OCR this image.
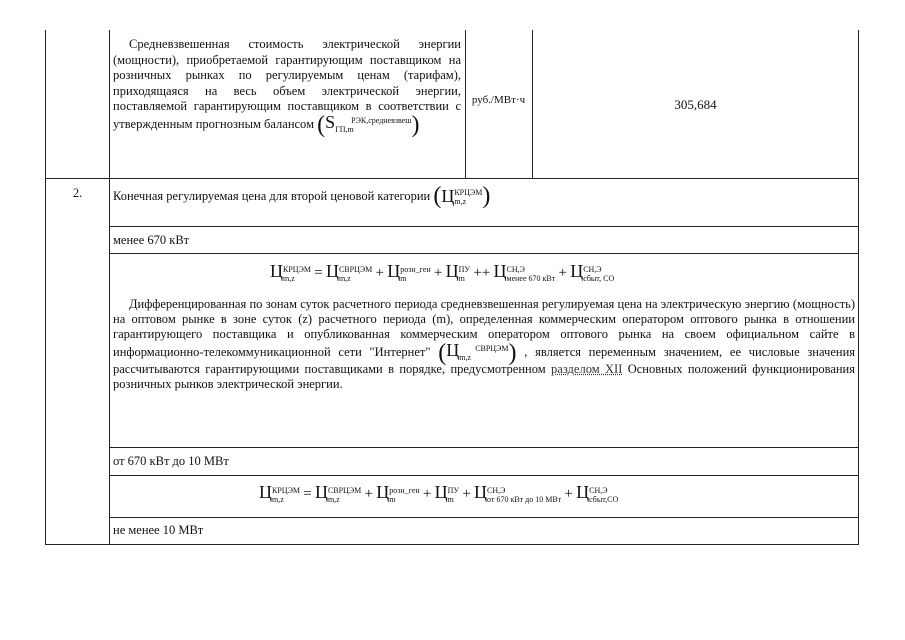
Средневзвешенная стоимость электрической энергии (мощности), приобретаемой гарантирующим поставщиком на розничных рынках по регулируемым ценам (тарифам), приходящаяся на весь объем электрической энергии, поставляемой гарантирующим поставщиком в соответствии с утвержденным прогнозным балансом (S РЭК,средневзвеш
ГП,m )
руб./МВт·ч	305,684
2.	Конечная регулируемая цена для второй ценовой категории (ЦКРЦЭМ
m,z )
менее 670 кВт
ЦКРЦЭМ
m,z = ЦСВРЦЭМ
m,z + Црозн_ген
m + ЦПУ
m ++ ЦСН,Э
менее 670 кВт + ЦСН,Э
сбыт, СО
Дифференцированная по зонам суток расчетного периода средневзвешенная регулируемая цена на электрическую энергию (мощность) на оптовом рынке в зоне суток (z) расчетного периода (m), определенная коммерческим оператором оптового рынка в отношении гарантирующего поставщика и опубликованная коммерческим оператором оптового рынка на своем официальном сайте в информационно-телекоммуникационной сети "Интернет" (Ц СВРЦЭМ
m,z ) , является переменным значением, ее числовые значения рассчитываются гарантирующими поставщиками в порядке, предусмотренном разделом XII Основных положений функционирования розничных рынков электрической энергии.
от 670 кВт до 10 МВт
ЦКРЦЭМ
m,z = ЦСВРЦЭМ
m,z + Црозн_ген
m + ЦПУ
m + ЦСН,Э
от 670 кВт до 10 МВт + ЦСН,Э
сбыт,СО
не менее 10 МВт
